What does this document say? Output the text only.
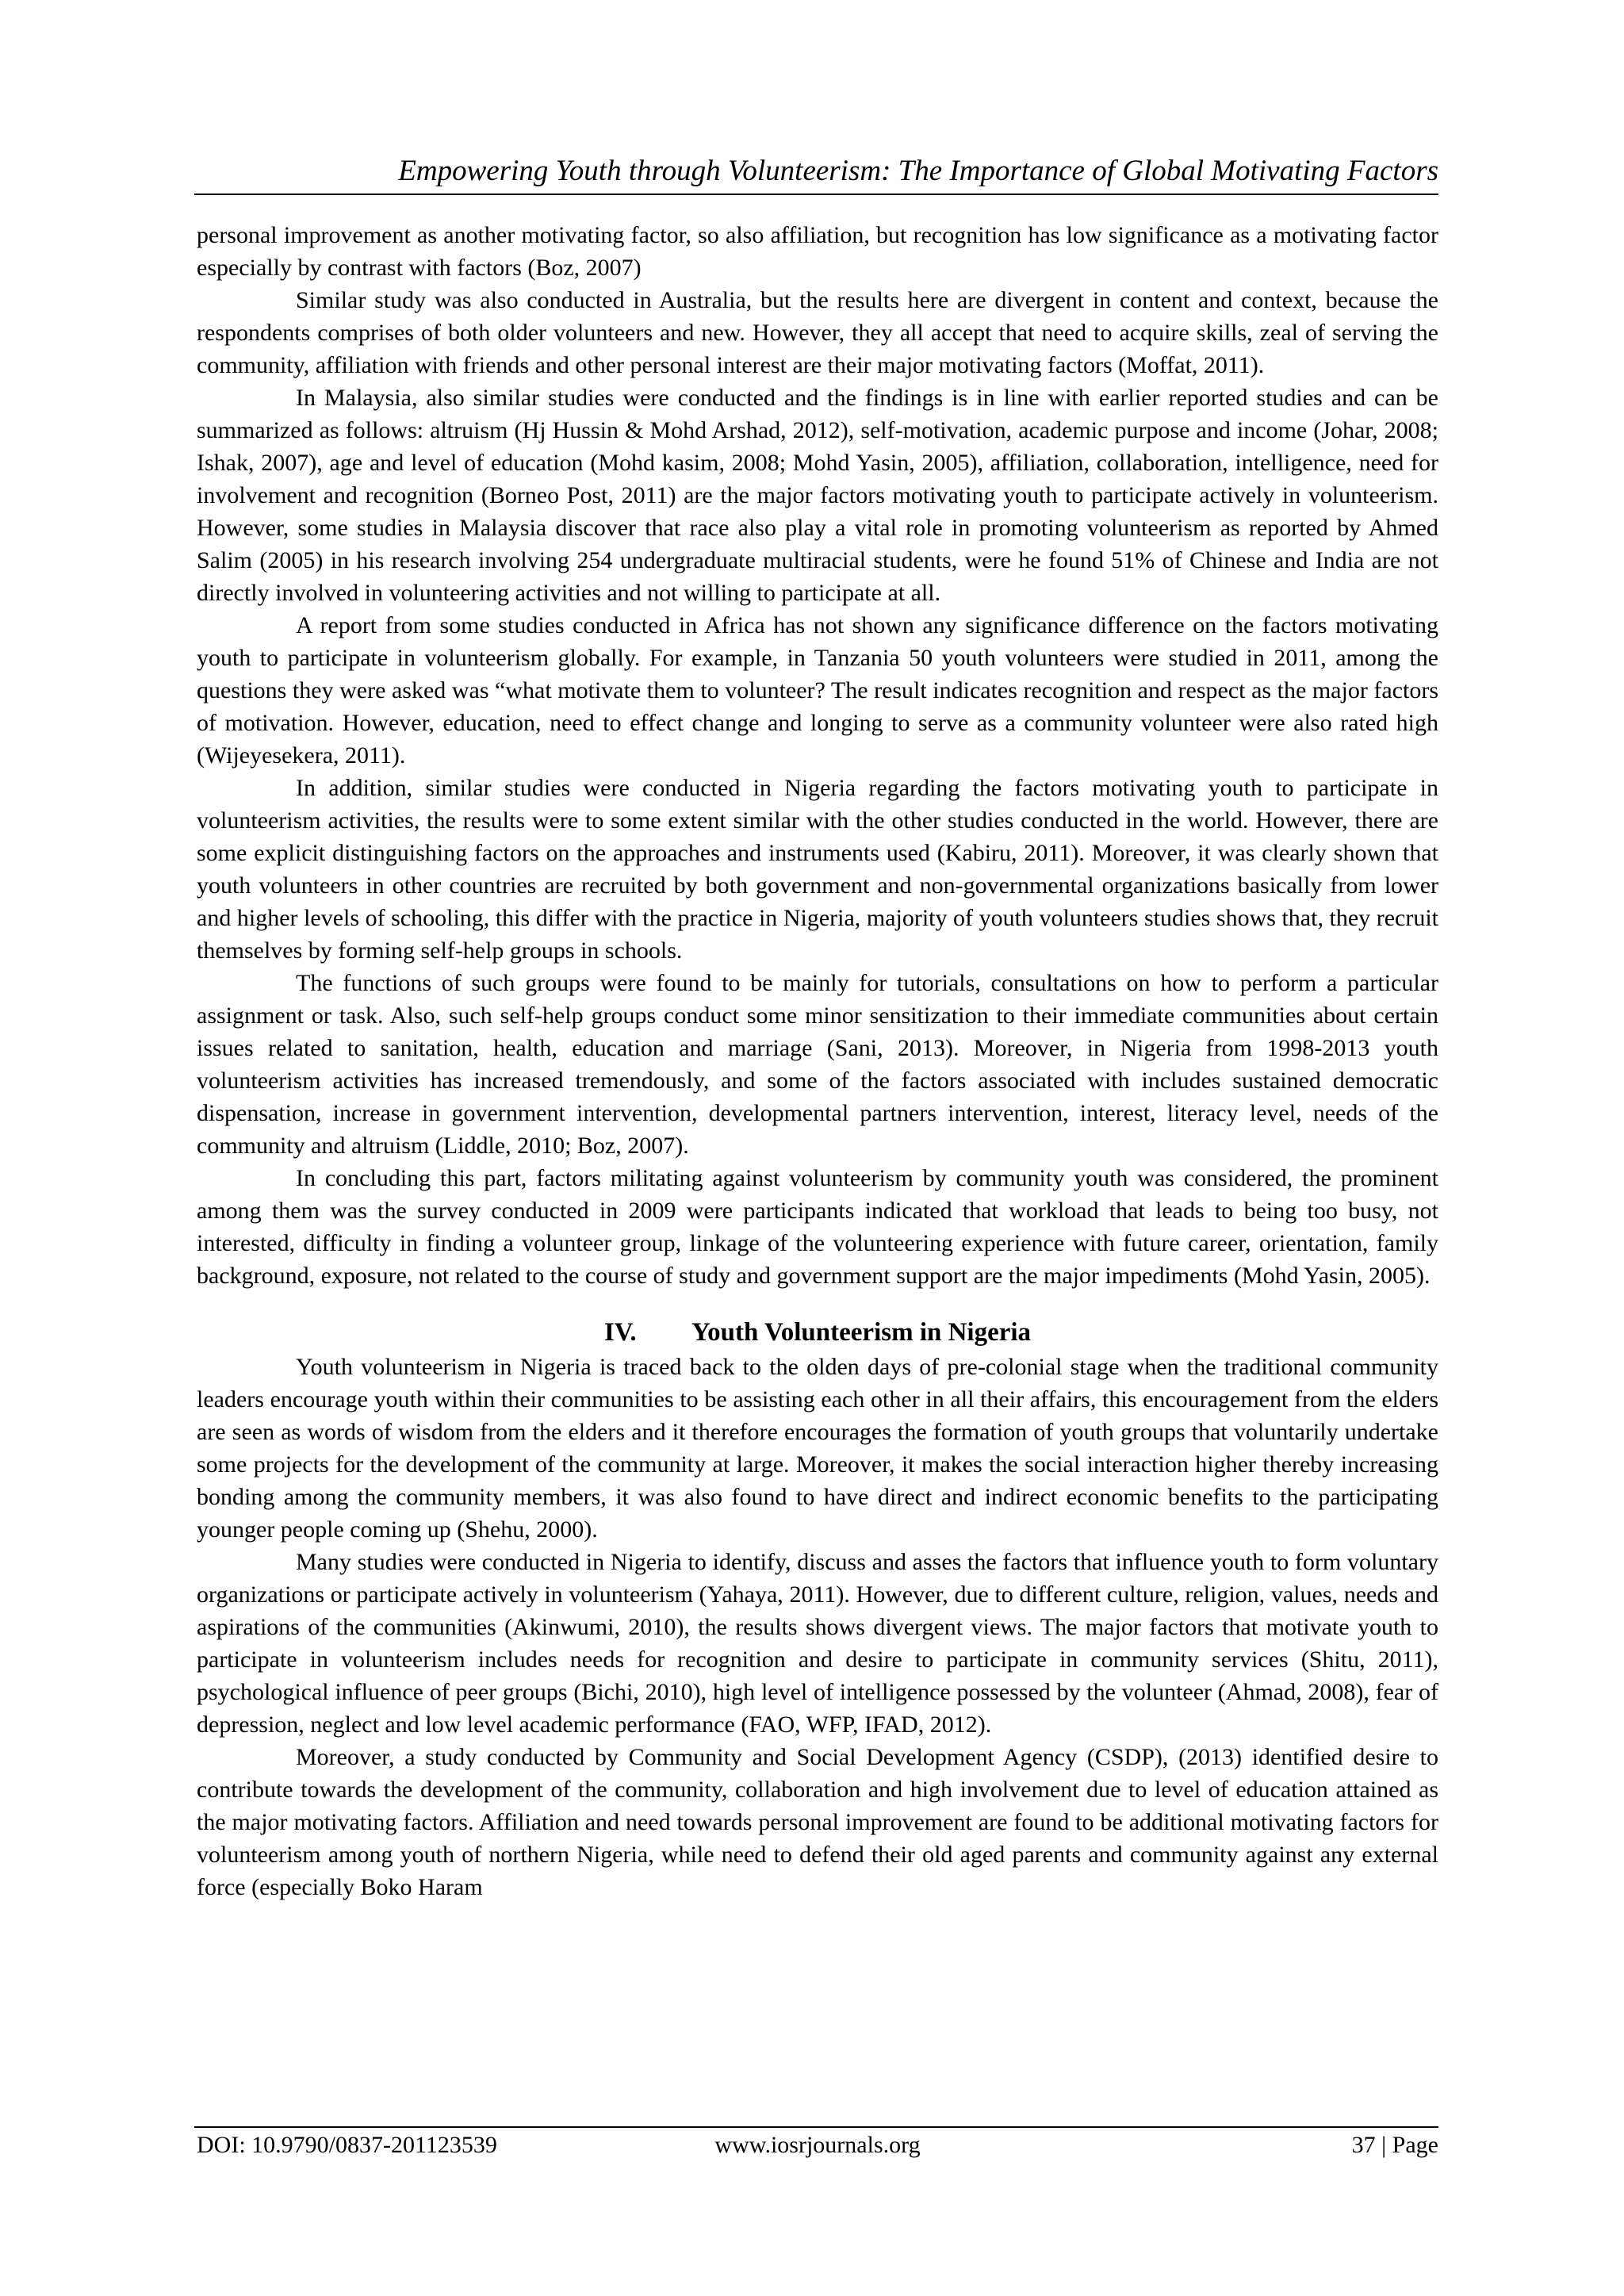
Empowering Youth through Volunteerism: The Importance of Global Motivating Factors

personal improvement as another motivating factor, so also affiliation, but recognition has low significance as a motivating factor especially by contrast with factors (Boz, 2007)

Similar study was also conducted in Australia, but the results here are divergent in content and context, because the respondents comprises of both older volunteers and new. However, they all accept that need to acquire skills, zeal of serving the community, affiliation with friends and other personal interest are their major motivating factors (Moffat, 2011).

In Malaysia, also similar studies were conducted and the findings is in line with earlier reported studies and can be summarized as follows: altruism (Hj Hussin & Mohd Arshad, 2012), self-motivation, academic purpose and income (Johar, 2008; Ishak, 2007), age and level of education (Mohd kasim, 2008; Mohd Yasin, 2005), affiliation, collaboration, intelligence, need for involvement and recognition (Borneo Post, 2011) are the major factors motivating youth to participate actively in volunteerism. However, some studies in Malaysia discover that race also play a vital role in promoting volunteerism as reported by Ahmed Salim (2005) in his research involving 254 undergraduate multiracial students, were he found 51% of Chinese and India are not directly involved in volunteering activities and not willing to participate at all.

A report from some studies conducted in Africa has not shown any significance difference on the factors motivating youth to participate in volunteerism globally. For example, in Tanzania 50 youth volunteers were studied in 2011, among the questions they were asked was “what motivate them to volunteer? The result indicates recognition and respect as the major factors of motivation. However, education, need to effect change and longing to serve as a community volunteer were also rated high (Wijeyesekera, 2011).

In addition, similar studies were conducted in Nigeria regarding the factors motivating youth to participate in volunteerism activities, the results were to some extent similar with the other studies conducted in the world. However, there are some explicit distinguishing factors on the approaches and instruments used (Kabiru, 2011). Moreover, it was clearly shown that youth volunteers in other countries are recruited by both government and non-governmental organizations basically from lower and higher levels of schooling, this differ with the practice in Nigeria, majority of youth volunteers studies shows that, they recruit themselves by forming self-help groups in schools.

The functions of such groups were found to be mainly for tutorials, consultations on how to perform a particular assignment or task. Also, such self-help groups conduct some minor sensitization to their immediate communities about certain issues related to sanitation, health, education and marriage (Sani, 2013). Moreover, in Nigeria from 1998-2013 youth volunteerism activities has increased tremendously, and some of the factors associated with includes sustained democratic dispensation, increase in government intervention, developmental partners intervention, interest, literacy level, needs of the community and altruism (Liddle, 2010; Boz, 2007).

In concluding this part, factors militating against volunteerism by community youth was considered, the prominent among them was the survey conducted in 2009 were participants indicated that workload that leads to being too busy, not interested, difficulty in finding a volunteer group, linkage of the volunteering experience with future career, orientation, family background, exposure, not related to the course of study and government support are the major impediments (Mohd Yasin, 2005).

IV. Youth Volunteerism in Nigeria

Youth volunteerism in Nigeria is traced back to the olden days of pre-colonial stage when the traditional community leaders encourage youth within their communities to be assisting each other in all their affairs, this encouragement from the elders are seen as words of wisdom from the elders and it therefore encourages the formation of youth groups that voluntarily undertake some projects for the development of the community at large. Moreover, it makes the social interaction higher thereby increasing bonding among the community members, it was also found to have direct and indirect economic benefits to the participating younger people coming up (Shehu, 2000).

Many studies were conducted in Nigeria to identify, discuss and asses the factors that influence youth to form voluntary organizations or participate actively in volunteerism (Yahaya, 2011). However, due to different culture, religion, values, needs and aspirations of the communities (Akinwumi, 2010), the results shows divergent views. The major factors that motivate youth to participate in volunteerism includes needs for recognition and desire to participate in community services (Shitu, 2011), psychological influence of peer groups (Bichi, 2010), high level of intelligence possessed by the volunteer (Ahmad, 2008), fear of depression, neglect and low level academic performance (FAO, WFP, IFAD, 2012).

Moreover, a study conducted by Community and Social Development Agency (CSDP), (2013) identified desire to contribute towards the development of the community, collaboration and high involvement due to level of education attained as the major motivating factors. Affiliation and need towards personal improvement are found to be additional motivating factors for volunteerism among youth of northern Nigeria, while need to defend their old aged parents and community against any external force (especially Boko Haram

DOI: 10.9790/0837-201123539	www.iosrjournals.org	37 | Page
